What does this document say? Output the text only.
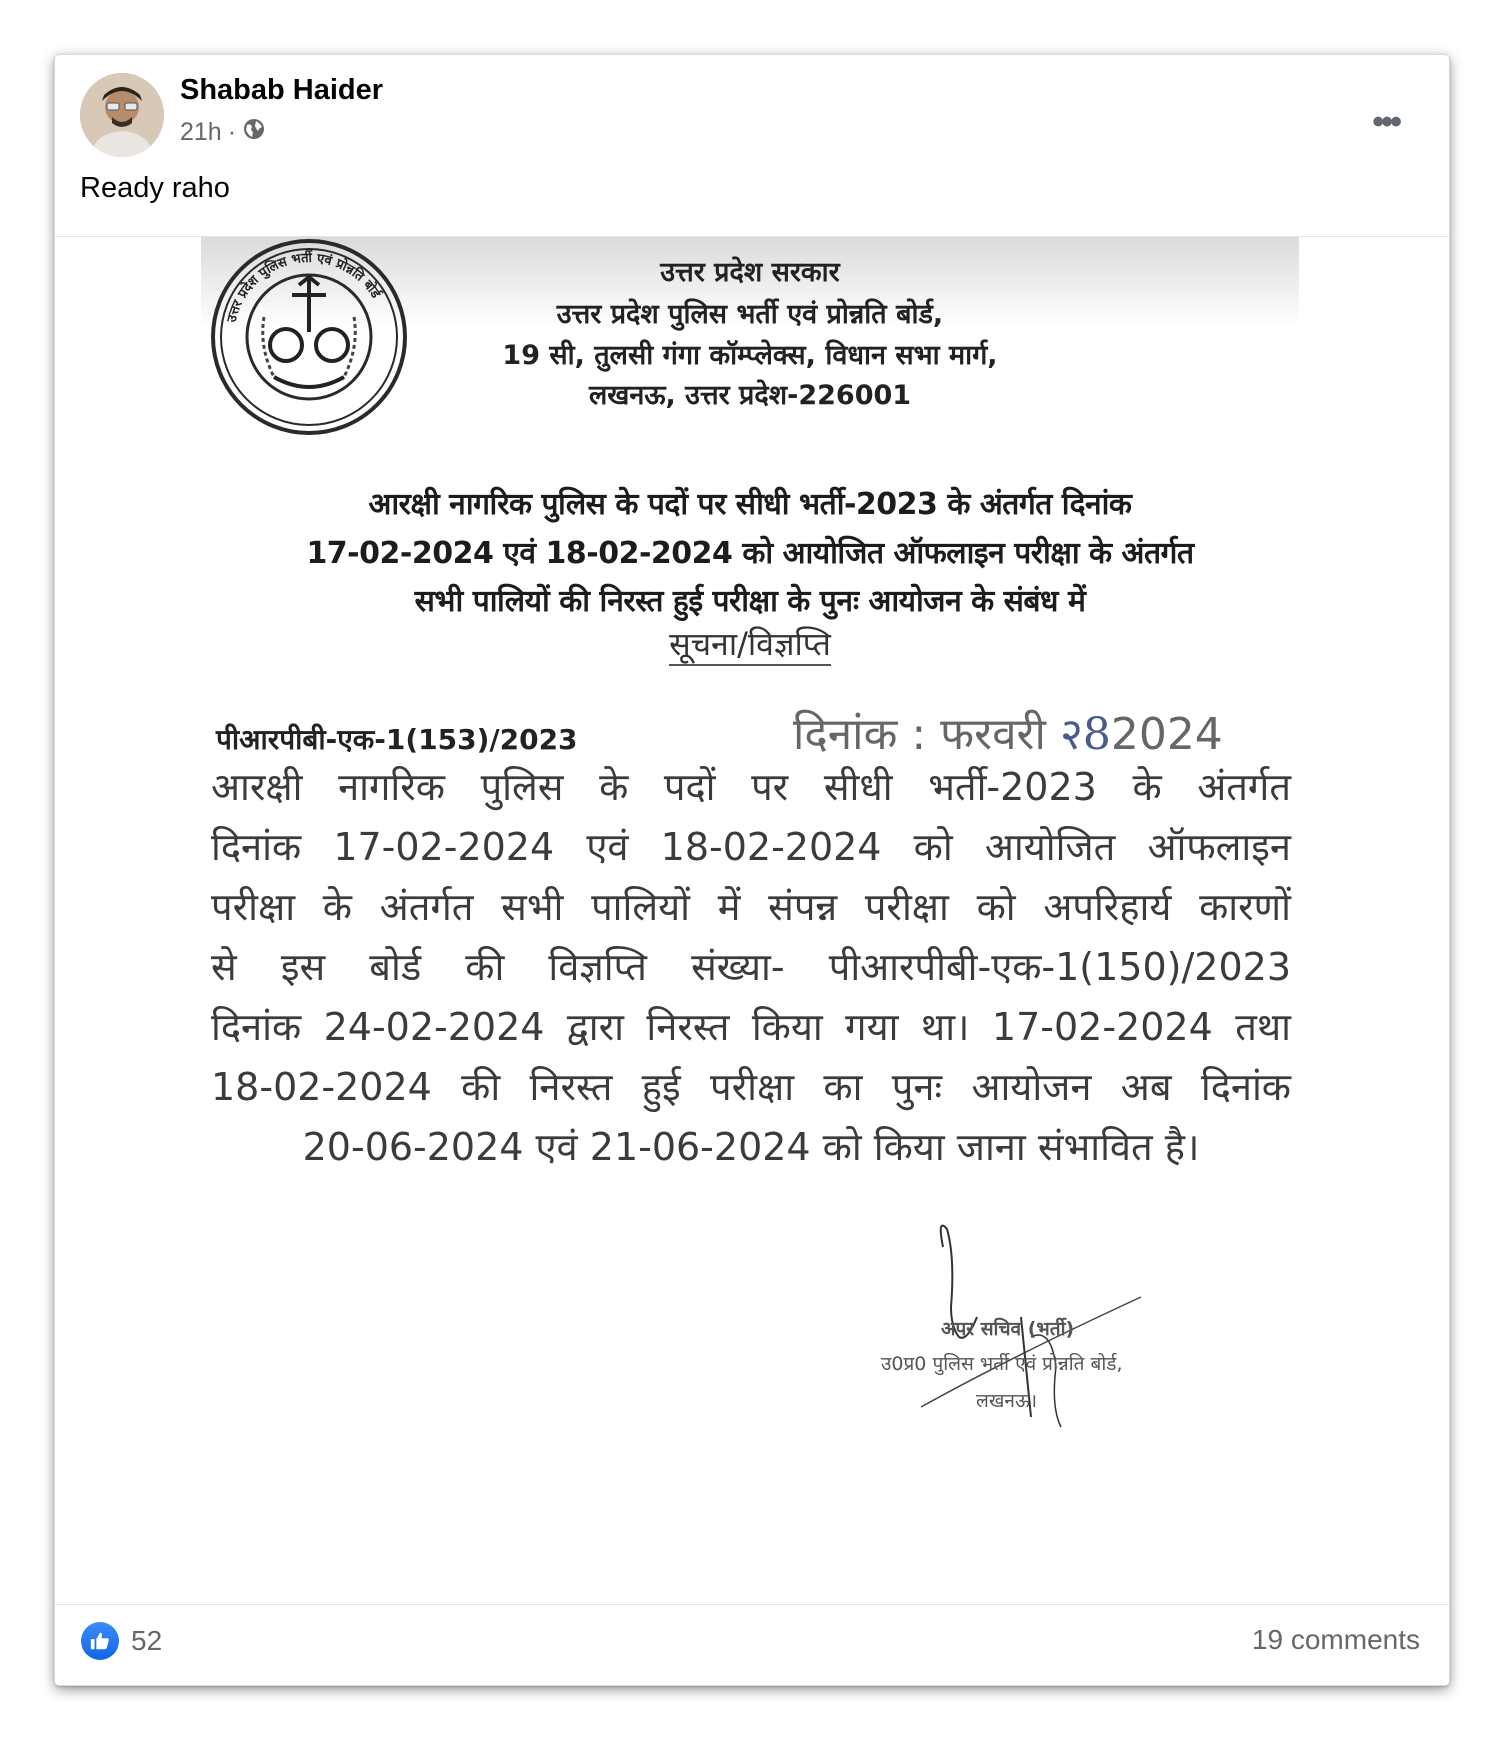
Shabab Haider
21h ·	•••
Ready raho
उत्तर प्रदेश पुलिस भर्ती एवं प्रोन्नति बोर्ड
उत्तर प्रदेश सरकार
उत्तर प्रदेश पुलिस भर्ती एवं प्रोन्नति बोर्ड,
19 सी, तुलसी गंगा कॉम्प्लेक्स, विधान सभा मार्ग,
लखनऊ, उत्तर प्रदेश-226001
आरक्षी नागरिक पुलिस के पदों पर सीधी भर्ती-2023 के अंतर्गत दिनांक
17-02-2024 एवं 18-02-2024 को आयोजित ऑफलाइन परीक्षा के अंतर्गत
सभी पालियों की निरस्त हुई परीक्षा के पुनः आयोजन के संबंध में
सूचना/विज्ञप्ति
पीआरपीबी-एक-1(153)/2023	दिनांक : फरवरी २82024
आरक्षी नागरिक पुलिस के पदों पर सीधी भर्ती-2023 के अंतर्गत
दिनांक 17-02-2024 एवं 18-02-2024 को आयोजित ऑफलाइन
परीक्षा के अंतर्गत सभी पालियों में संपन्न परीक्षा को अपरिहार्य कारणों
से इस बोर्ड की विज्ञप्ति संख्या- पीआरपीबी-एक-1(150)/2023
दिनांक 24-02-2024 द्वारा निरस्त किया गया था। 17-02-2024 तथा
18-02-2024 की निरस्त हुई परीक्षा का पुनः आयोजन अब दिनांक
20-06-2024 एवं 21-06-2024 को किया जाना संभावित है।
अपर सचिव (भर्ती)
उ0प्र0 पुलिस भर्ती एवं प्रोन्नति बोर्ड,
लखनऊ।
52	19 comments
